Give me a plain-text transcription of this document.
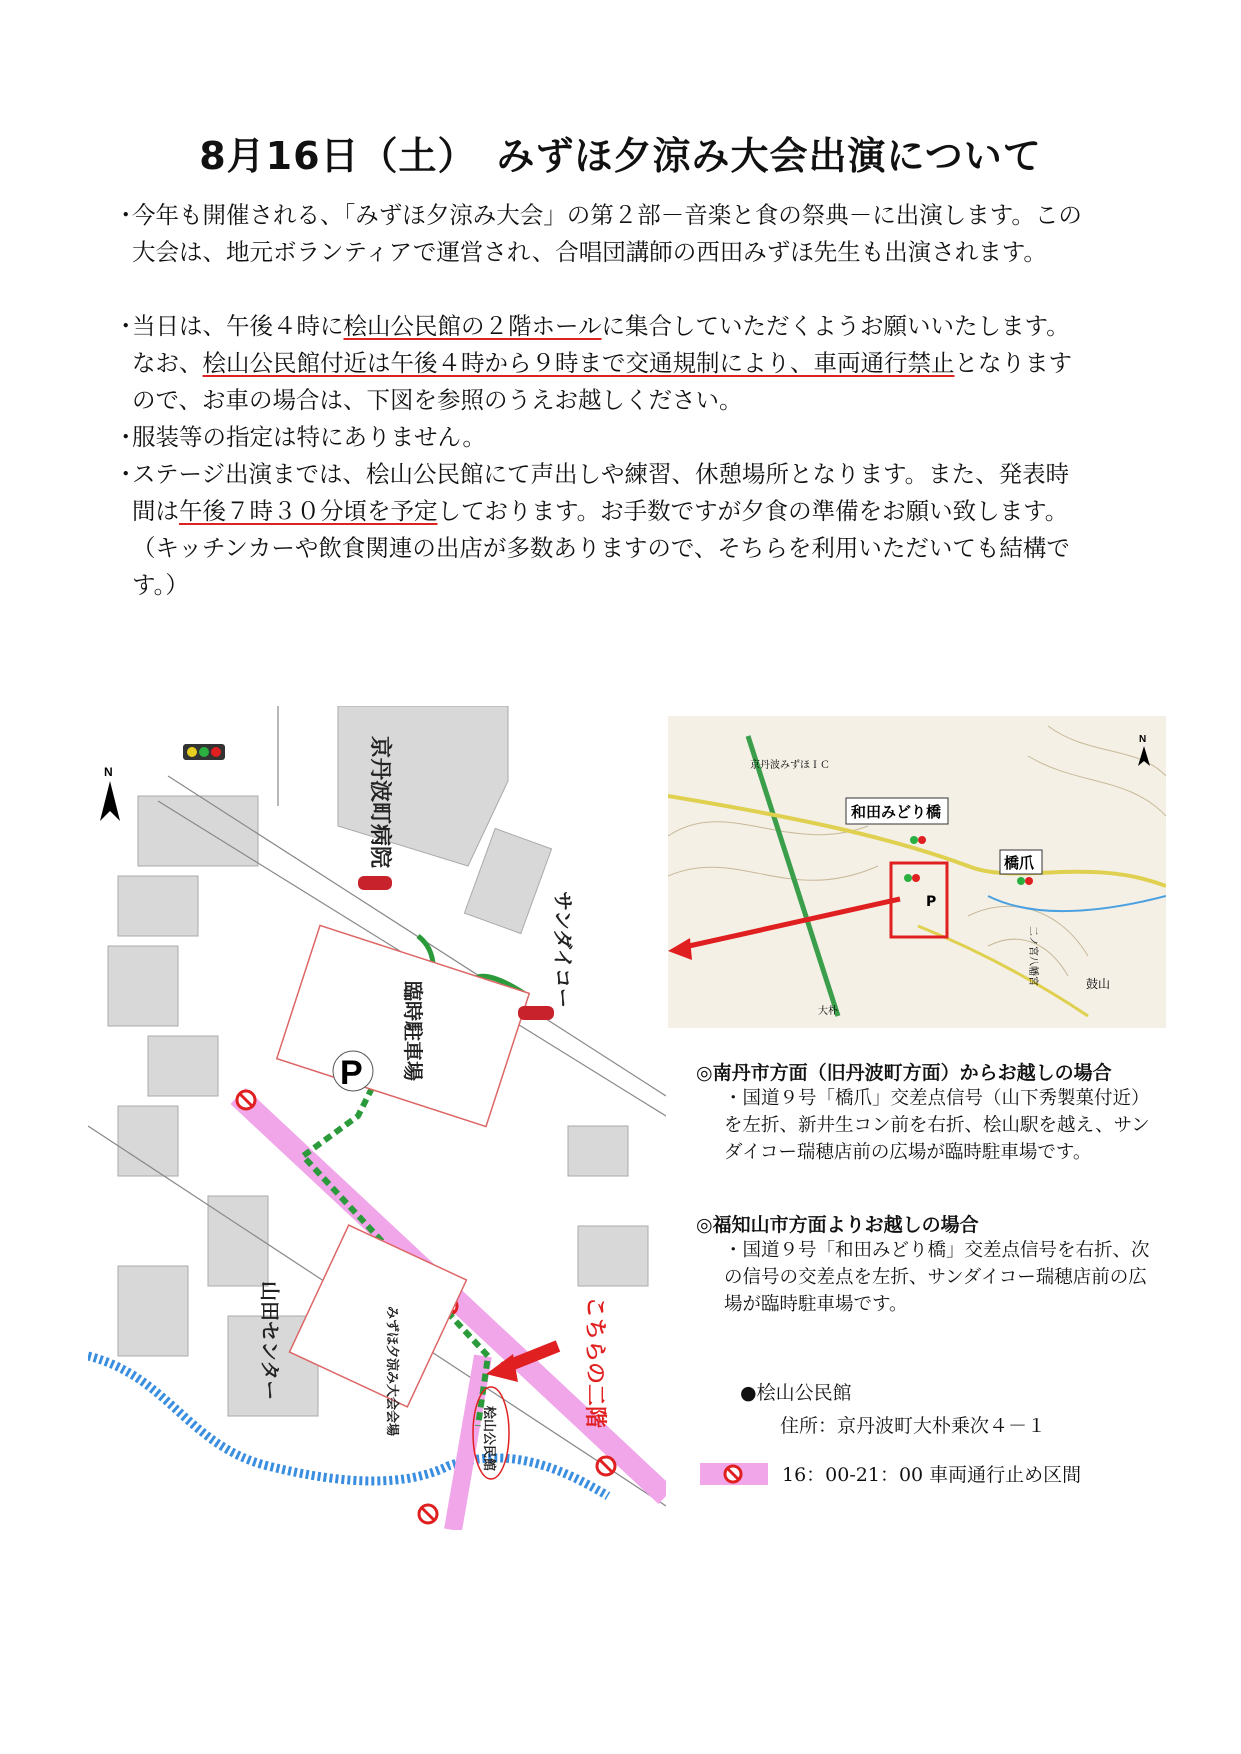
8月16日（土）　みずほ夕涼み大会出演について
・
今年も開催される、「みずほ夕涼み大会」の第２部－音楽と食の祭典－に出演します。この大会は、地元ボランティアで運営され、合唱団講師の西田みずほ先生も出演されます。
・
当日は、午後４時に桧山公民館の２階ホールに集合していただくようお願いいたします。なお、桧山公民館付近は午後４時から９時まで交通規制により、車両通行禁止となりますので、お車の場合は、下図を参照のうえお越しください。
・
服装等の指定は特にありません。
・
ステージ出演までは、桧山公民館にて声出しや練習、休憩場所となります。また、発表時間は午後７時３０分頃を予定しております。お手数ですが夕食の準備をお願い致します。（キッチンカーや飲食関連の出店が多数ありますので、そちらを利用いただいても結構です。）
P
N	京丹波町病院
サンダイコー
臨時駐車場
山田センター	みずほ夕涼み大会会場
桧山公民館
こちらの二階
N
和田みどり橋
橋爪
P
鼓山
二ノ宮八幡宮
京丹波みずほＩＣ
大朴
◎南丹市方面（旧丹波町方面）からお越しの場合
・国道９号「橋爪」交差点信号（山下秀製菓付近）を左折、新井生コン前を右折、桧山駅を越え、サンダイコー瑞穂店前の広場が臨時駐車場です。
◎福知山市方面よりお越しの場合
・国道９号「和田みどり橋」交差点信号を右折、次の信号の交差点を左折、サンダイコー瑞穂店前の広場が臨時駐車場です。
●桧山公民館
住所：京丹波町大朴乗次４－１
16：00-21：00 車両通行止め区間
